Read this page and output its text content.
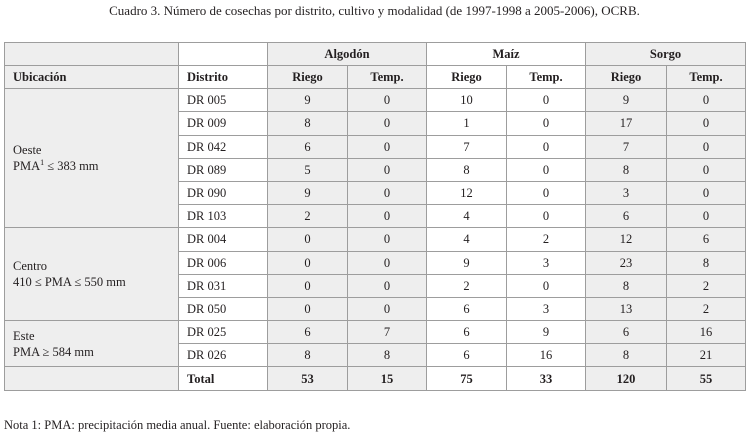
Cuadro 3. Número de cosechas por distrito, cultivo y modalidad (de 1997-1998 a 2005-2006), OCRB.
		Algodón		Maíz		Sorgo	
Ubicación	Distrito	Riego	Temp.	Riego	Temp.	Riego	Temp.

Oeste
$PMA^1 \le 383$ mm	DR 005	9	0	10	0	9	0
	DR 009	8	0	1	0	17	0
	DR 042	6	0	7	0	7	0
	DR 089	5	0	8	0	8	0
	DR 090	9	0	12	0	3	0
	DR 103	2	0	4	0	6	0

Centro
410 ≤ PMA ≤ 550 mm	DR 004	0	0	4	2	12	6
	DR 006	0	0	9	3	23	8
	DR 031	0	0	2	0	8	2
	DR 050	0	0	6	3	13	2

Este
PMA ≥ 584 mm	DR 025	6	7	6	9	6	16
	DR 026	8	8	6	16	8	21
	Total	53	15	75	33	120	55
Nota 1: PMA: precipitación media anual. Fuente: elaboración propia.
